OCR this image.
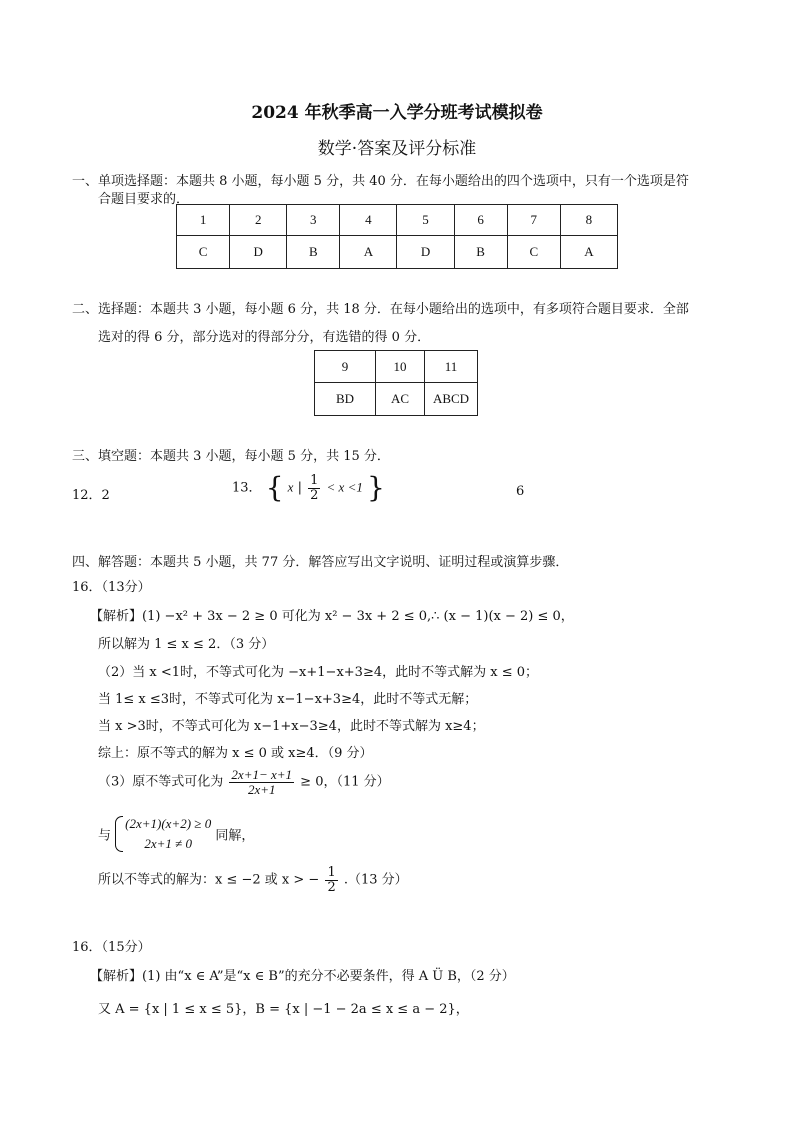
2024 年秋季高一入学分班考试模拟卷
数学·答案及评分标准
一、单项选择题：本题共 8 小题，每小题 5 分，共 40 分．在每小题给出的四个选项中，只有一个选项是符
合题目要求的．
1	2	3	4	5	6	7	8
C	D	B	A	D	B	C	A
二、选择题：本题共 3 小题，每小题 6 分，共 18 分．在每小题给出的选项中，有多项符合题目要求．全部
选对的得 6 分，部分选对的得部分分，有选错的得 0 分．
9	10	11
BD	AC	ABCD
三、填空题：本题共 3 小题，每小题 5 分，共 15 分．
12．2	13． { x | $\frac{1}{2} < x <1$ }	6
四、解答题：本题共 5 小题，共 77 分．解答应写出文字说明、证明过程或演算步骤．
16．（13分）
【解析】(1) −x² + 3x − 2 ≥ 0 可化为 x² − 3x + 2 ≤ 0,∴ (x − 1)(x − 2) ≤ 0，
所以解为 1 ≤ x ≤ 2．（3 分）
（2）当 x <1时，不等式可化为 −x+1−x+3≥4，此时不等式解为 x ≤ 0；
当 1≤ x ≤3时，不等式可化为 x−1−x+3≥4，此时不等式无解；
当 x >3时，不等式可化为 x−1+x−3≥4，此时不等式解为 x≥4；
综上：原不等式的解为 x ≤ 0 或 x≥4．（9 分）
（3）原不等式可化为 $\frac{2x+1- x+1}{2x+1} \ge 0$，（11 分）
与
(2x+1)(x+2) ≥ 0
2x+1 ≠ 0	同解，
所以不等式的解为：x ≤ −2 或 x > − $\frac{1}{2} .(13$ 分）
16．（15分）
【解析】(1) 由“x ∈ A”是“x ∈ B”的充分不必要条件，得 A Ü B，（2 分）
又 A = {x | 1 ≤ x ≤ 5}，B = {x | −1 − 2a ≤ x ≤ a − 2}，
